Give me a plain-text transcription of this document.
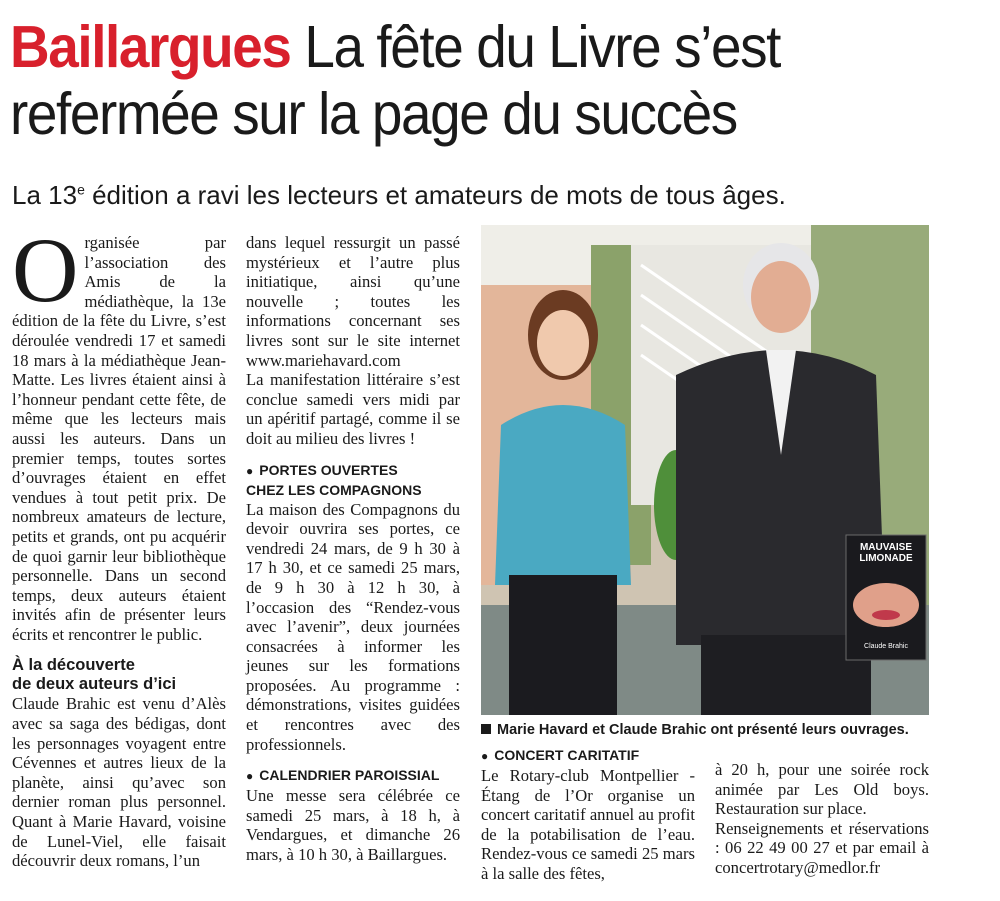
Baillargues La fête du Livre s’est
refermée sur la page du succès
La 13e édition a ravi les lecteurs et amateurs de mots de tous âges.
O rganisée par l’association des Amis de la médiathèque, la 13e édition de la fête du Livre, s’est déroulée vendredi 17 et samedi 18 mars à la médiathèque Jean-Matte. Les livres étaient ainsi à l’honneur pendant cette fête, de même que les lecteurs mais aussi les auteurs. Dans un premier temps, toutes sortes d’ouvrages étaient en effet vendues à tout petit prix. De nombreux amateurs de lecture, petits et grands, ont pu acquérir de quoi garnir leur bibliothèque personnelle. Dans un second temps, deux auteurs étaient invités afin de présenter leurs écrits et rencontrer le public.

À la découverte
de deux auteurs d’ici

Claude Brahic est venu d’Alès avec sa saga des bédigas, dont les personnages voyagent entre Cévennes et autres lieux de la planète, ainsi qu’avec son dernier roman plus personnel. Quant à Marie Havard, voisine de Lunel-Viel, elle faisait découvrir deux romans, l’un

dans lequel ressurgit un passé mystérieux et l’autre plus initiatique, ainsi qu’une nouvelle ; toutes les informations concernant ses livres sont sur le site internet www.mariehavard.com

La manifestation littéraire s’est conclue samedi vers midi par un apéritif partagé, comme il se doit au milieu des livres !

● PORTES OUVERTES
CHEZ LES COMPAGNONS

La maison des Compagnons du devoir ouvrira ses portes, ce vendredi 24 mars, de 9 h 30 à 17 h 30, et ce samedi 25 mars, de 9 h 30 à 12 h 30, à l’occasion des “Rendez-vous avec l’avenir”, deux journées consacrées à informer les jeunes sur les formations proposées. Au programme : démonstrations, visites guidées et rencontres avec des professionnels.

● CALENDRIER PAROISSIAL

Une messe sera célébrée ce samedi 25 mars, à 18 h, à Vendargues, et dimanche 26 mars, à 10 h 30, à Baillargues.

MAUVAISE
LIMONADE
Claude Brahic
Marie Havard et Claude Brahic ont présenté leurs ouvrages.
● CONCERT CARITATIF

Le Rotary-club Montpellier - Étang de l’Or organise un concert caritatif annuel au profit de la potabilisation de l’eau. Rendez-vous ce samedi 25 mars à la salle des fêtes,

à 20 h, pour une soirée rock animée par Les Old boys. Restauration sur place.

Renseignements et réservations : 06 22 49 00 27 et par email à concertrotary@medlor.fr
